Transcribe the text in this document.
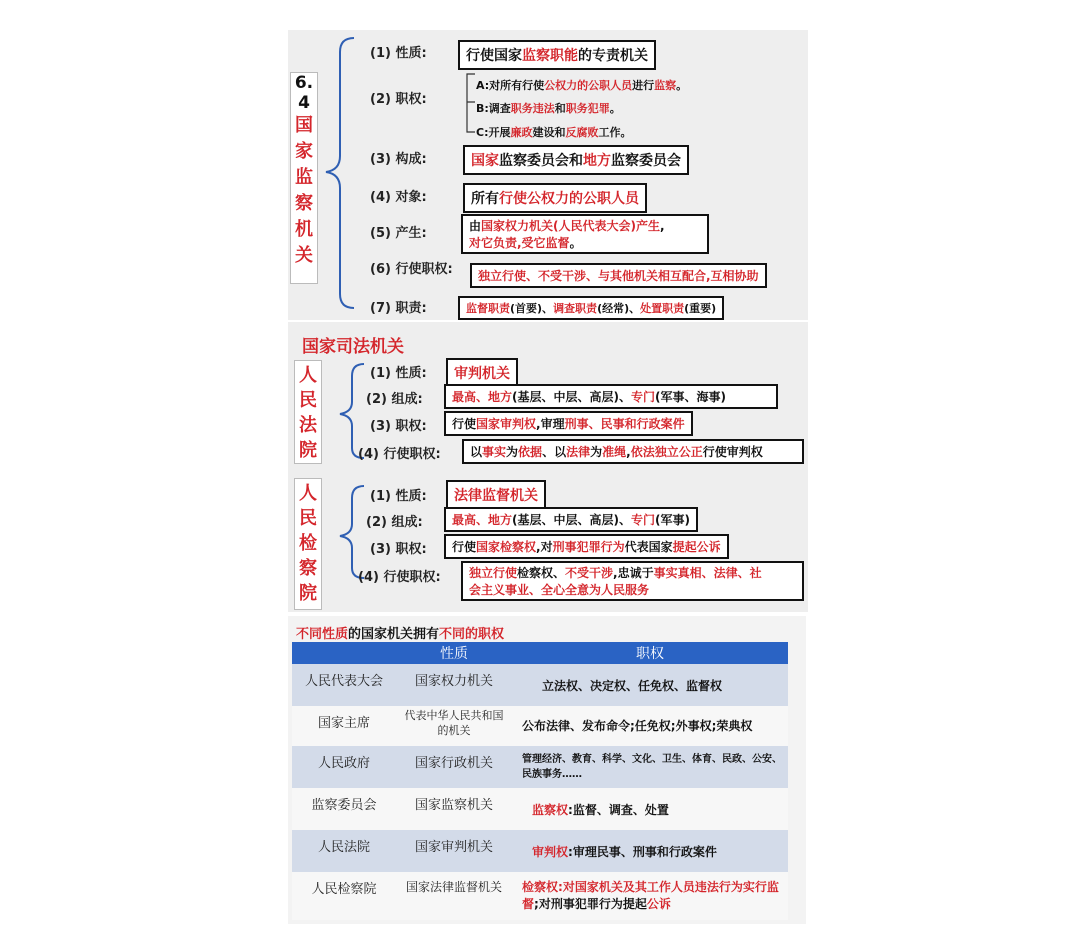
6.
4
国
家
监
察
机
关
(1) 性质:	行使国家监察职能的专责机关
(2) 职权:
A:对所有行使公权力的公职人员进行监察。
B:调查职务违法和职务犯罪。
C:开展廉政建设和反腐败工作。
(3) 构成:	国家监察委员会和地方监察委员会
(4) 对象:	所有行使公权力的公职人员
(5) 产生:	由国家权力机关(人民代表大会)产生,
对它负责,受它监督。
(6) 行使职权:	独立行使、不受干涉、与其他机关相互配合,互相协助
(7) 职责:	监督职责(首要)、调查职责(经常)、处置职责(重要)
国家司法机关
人
民
法
院
(1) 性质:	审判机关
(2) 组成:	最高、地方(基层、中层、高层)、专门(军事、海事)
(3) 职权:	行使国家审判权,审理刑事、民事和行政案件
(4) 行使职权:	以事实为依据、以法律为准绳,依法独立公正行使审判权
人
民
检
察
院
(1) 性质:	法律监督机关
(2) 组成:	最高、地方(基层、中层、高层)、专门(军事)
(3) 职权:	行使国家检察权,对刑事犯罪行为代表国家提起公诉
(4) 行使职权: 独立行使检察权、不受干涉,忠诚于事实真相、法律、社
会主义事业、全心全意为人民服务
不同性质的国家机关拥有不同的职权
	性质	职权
人民代表大会	国家权力机关	立法权、决定权、任免权、监督权
国家主席	代表中华人民共和国的机关	公布法律、发布命令;任免权;外事权;荣典权
人民政府	国家行政机关	管理经济、教育、科学、文化、卫生、体育、民政、公安、民族事务……
监察委员会	国家监察机关	监察权:监督、调查、处置
人民法院	国家审判机关	审判权:审理民事、刑事和行政案件
人民检察院	国家法律监督机关	检察权:对国家机关及其工作人员违法行为实行监督;对刑事犯罪行为提起公诉
